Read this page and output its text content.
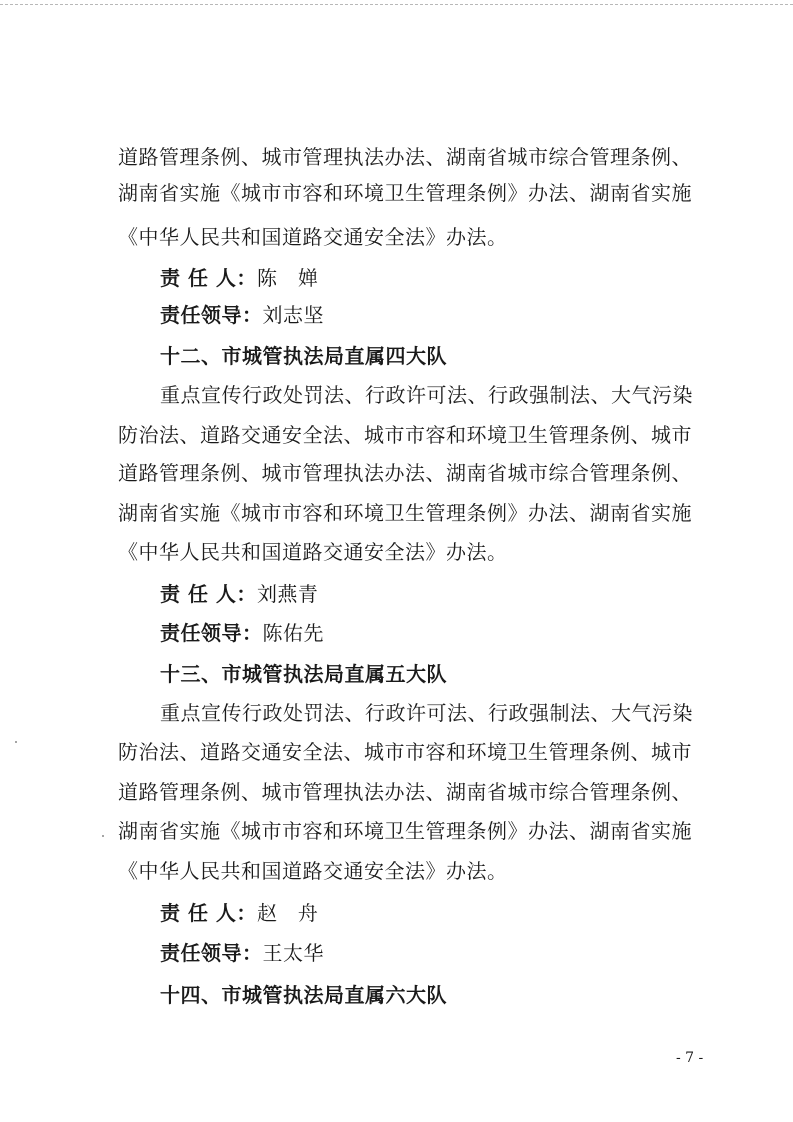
道路管理条例、城市管理执法办法、湖南省城市综合管理条例、
湖南省实施《城市市容和环境卫生管理条例》办法、湖南省实施
《中华人民共和国道路交通安全法》办法。
责 任 人：陈　婵
责任领导：刘志坚
十二、市城管执法局直属四大队
重点宣传行政处罚法、行政许可法、行政强制法、大气污染
防治法、道路交通安全法、城市市容和环境卫生管理条例、城市
道路管理条例、城市管理执法办法、湖南省城市综合管理条例、
湖南省实施《城市市容和环境卫生管理条例》办法、湖南省实施
《中华人民共和国道路交通安全法》办法。
责 任 人：刘燕青
责任领导：陈佑先
十三、市城管执法局直属五大队
重点宣传行政处罚法、行政许可法、行政强制法、大气污染
防治法、道路交通安全法、城市市容和环境卫生管理条例、城市
道路管理条例、城市管理执法办法、湖南省城市综合管理条例、
湖南省实施《城市市容和环境卫生管理条例》办法、湖南省实施
《中华人民共和国道路交通安全法》办法。
责 任 人：赵　舟
责任领导：王太华
十四、市城管执法局直属六大队
- 7 -
